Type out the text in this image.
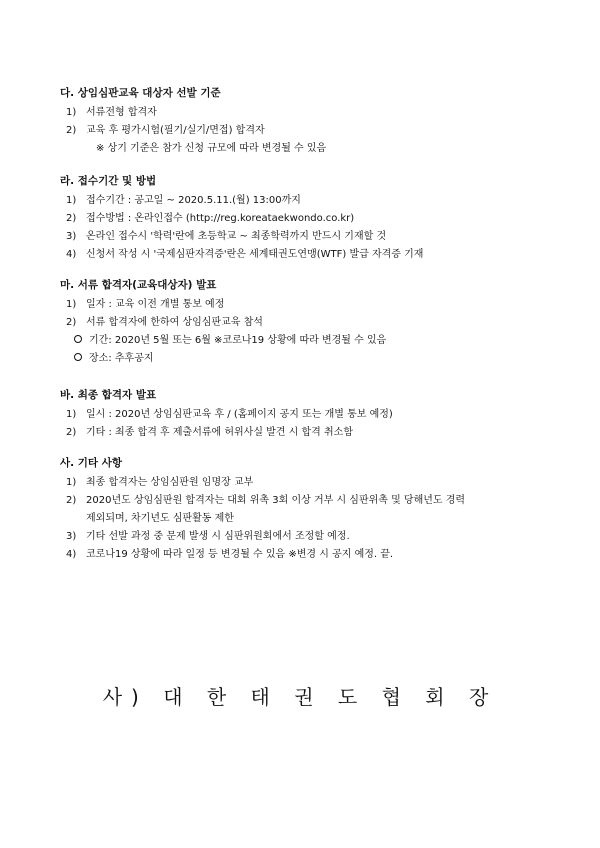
다. 상임심판교육 대상자 선발 기준
1) 서류전형 합격자
2) 교육 후 평가시험(필기/실기/면접) 합격자
※ 상기 기준은 참가 신청 규모에 따라 변경될 수 있음
라. 접수기간 및 방법
1) 접수기간 : 공고일 ~ 2020.5.11.(월) 13:00까지
2) 접수방법 : 온라인접수 (http://reg.koreataekwondo.co.kr)
3) 온라인 접수시 '학력'란에 초등학교 ~ 최종학력까지 반드시 기재할 것
4) 신청서 작성 시 '국제심판자격증'란은 세계태권도연맹(WTF) 발급 자격증 기재
마. 서류 합격자(교육대상자) 발표
1) 일자 : 교육 이전 개별 통보 예정
2) 서류 합격자에 한하여 상임심판교육 참석
기간: 2020년 5월 또는 6월 ※코로나19 상황에 따라 변경될 수 있음
장소: 추후공지
바. 최종 합격자 발표
1) 일시 : 2020년 상임심판교육 후 / (홈페이지 공지 또는 개별 통보 예정)
2) 기타 : 최종 합격 후 제출서류에 허위사실 발견 시 합격 취소함
사. 기타 사항
1) 최종 합격자는 상임심판원 임명장 교부
2) 2020년도 상임심판원 합격자는 대회 위촉 3회 이상 거부 시 심판위촉 및 당해년도 경력
제외되며, 차기년도 심판활동 제한
3) 기타 선발 과정 중 문제 발생 시 심판위원회에서 조정할 예정.
4) 코로나19 상황에 따라 일정 등 변경될 수 있음 ※변경 시 공지 예정. 끝.
사) 대 한 태 권 도 협 회 장
